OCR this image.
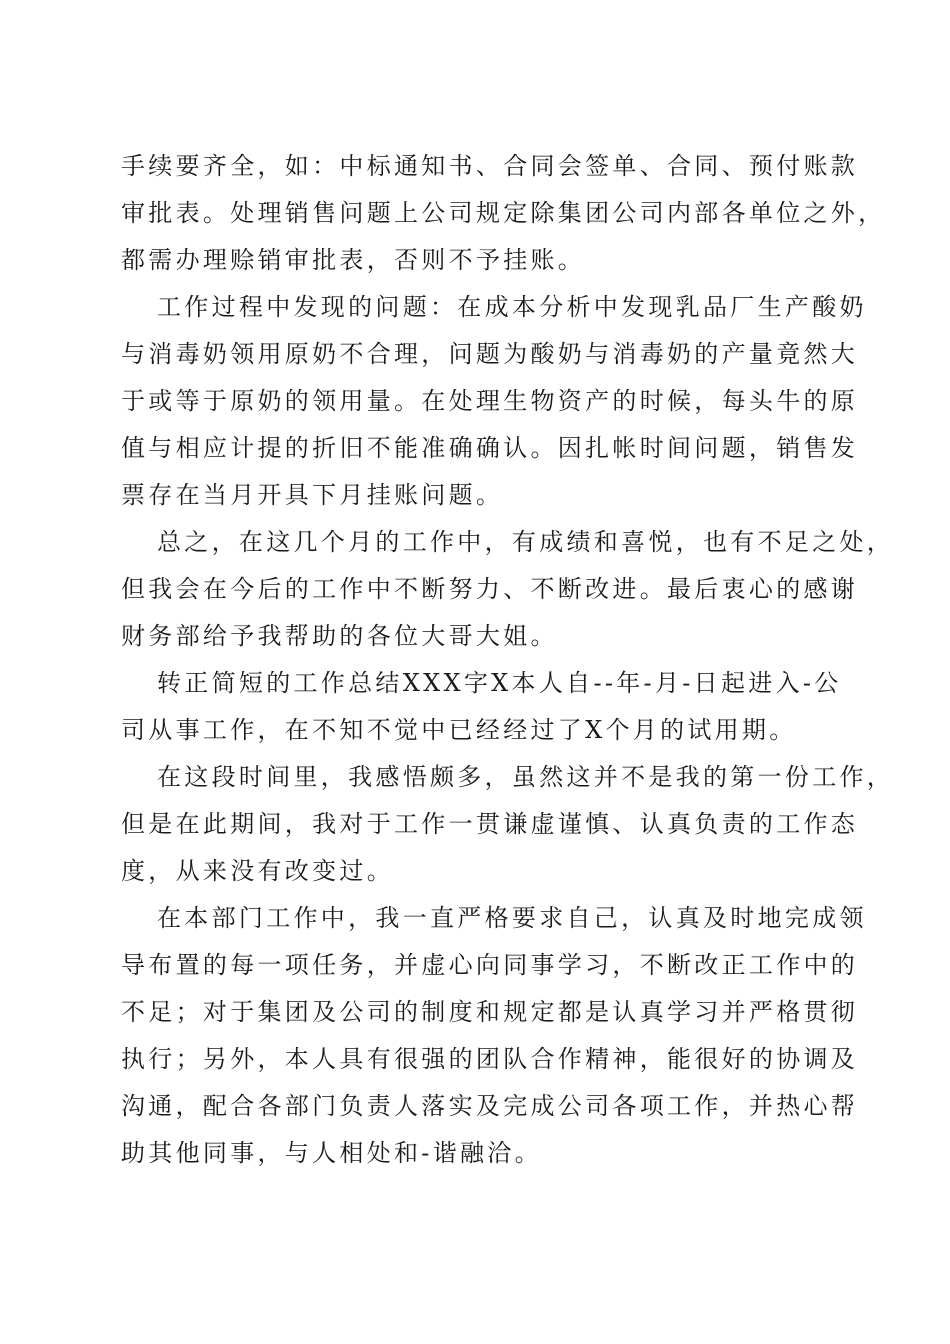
手续要齐全，如：中标通知书、合同会签单、合同、预付账款
审批表。处理销售问题上公司规定除集团公司内部各单位之外，
都需办理赊销审批表，否则不予挂账。
工作过程中发现的问题：在成本分析中发现乳品厂生产酸奶
与消毒奶领用原奶不合理，问题为酸奶与消毒奶的产量竟然大
于或等于原奶的领用量。在处理生物资产的时候，每头牛的原
值与相应计提的折旧不能准确确认。因扎帐时间问题，销售发
票存在当月开具下月挂账问题。
总之，在这几个月的工作中，有成绩和喜悦，也有不足之处，
但我会在今后的工作中不断努力、不断改进。最后衷心的感谢
财务部给予我帮助的各位大哥大姐。
转正简短的工作总结XXX字X本人自--年-月-日起进入-公
司从事工作，在不知不觉中已经经过了X个月的试用期。
在这段时间里，我感悟颇多，虽然这并不是我的第一份工作，
但是在此期间，我对于工作一贯谦虚谨慎、认真负责的工作态
度，从来没有改变过。
在本部门工作中，我一直严格要求自己，认真及时地完成领
导布置的每一项任务，并虚心向同事学习，不断改正工作中的
不足；对于集团及公司的制度和规定都是认真学习并严格贯彻
执行；另外，本人具有很强的团队合作精神，能很好的协调及
沟通，配合各部门负责人落实及完成公司各项工作，并热心帮
助其他同事，与人相处和-谐融洽。
